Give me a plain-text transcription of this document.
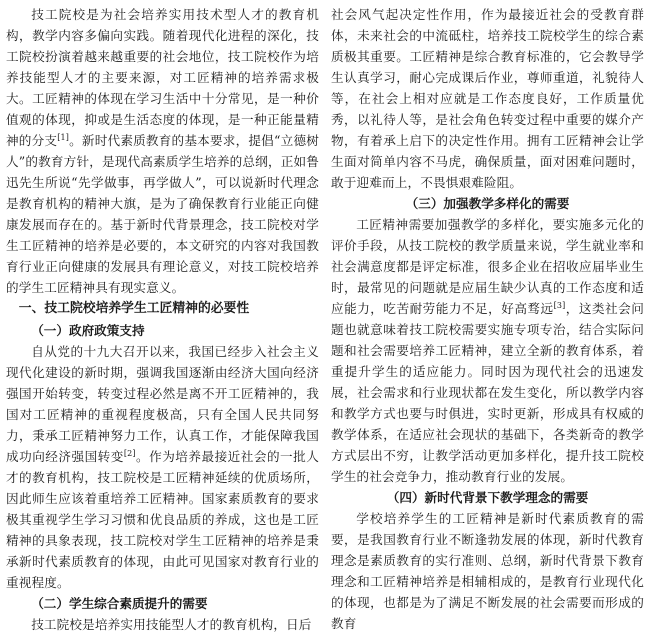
技工院校是为社会培养实用技术型人才的教育机构，教学内容多偏向实践。随着现代化进程的深化，技工院校扮演着越来越重要的社会地位，技工院校作为培养技能型人才的主要来源，对工匠精神的培养需求极大。工匠精神的体现在学习生活中十分常见，是一种价值观的体现，抑或是生活态度的体现，是一种正能量精神的分支[1]。新时代素质教育的基本要求，提倡“立德树人”的教育方针，是现代高素质学生培养的总纲，正如鲁迅先生所说“先学做事，再学做人”，可以说新时代理念是教育机构的精神大旗，是为了确保教育行业能正向健康发展而存在的。基于新时代背景理念，技工院校对学生工匠精神的培养是必要的，本文研究的内容对我国教育行业正向健康的发展具有理论意义，对技工院校培养的学生工匠精神具有现实意义。

一、技工院校培养学生工匠精神的必要性
（一）政府政策支持

自从党的十九大召开以来，我国已经步入社会主义现代化建设的新时期，强调我国逐渐由经济大国向经济强国开始转变，转变过程必然是离不开工匠精神的，我国对工匠精神的重视程度极高，只有全国人民共同努力，秉承工匠精神努力工作，认真工作，才能保障我国成功向经济强国转变[2]。作为培养最接近社会的一批人才的教育机构，技工院校是工匠精神延续的优质场所，因此师生应该着重培养工匠精神。国家素质教育的要求极其重视学生学习习惯和优良品质的养成，这也是工匠精神的具象表现，技工院校对学生工匠精神的培养是秉承新时代素质教育的体现，由此可见国家对教育行业的重视程度。

（二）学生综合素质提升的需要

技工院校是培养实用技能型人才的教育机构，日后

社会风气起决定性作用，作为最接近社会的受教育群体，未来社会的中流砥柱，培养技工院校学生的综合素质极其重要。工匠精神是综合教育标准的，它会教导学生认真学习，耐心完成课后作业，尊师重道，礼貌待人等，在社会上相对应就是工作态度良好，工作质量优秀，以礼待人等，是社会角色转变过程中重要的媒介产物，有着承上启下的决定性作用。拥有工匠精神会让学生面对简单内容不马虎，确保质量，面对困难问题时，敢于迎难而上，不畏惧艰难险阻。

（三）加强教学多样化的需要

工匠精神需要加强教学的多样化，要实施多元化的评价手段，从技工院校的教学质量来说，学生就业率和社会满意度都是评定标准，很多企业在招收应届毕业生时，最常见的问题就是应届生缺少认真的工作态度和适应能力，吃苦耐劳能力不足，好高骛远[3]，这类社会问题也就意味着技工院校需要实施专项专治，结合实际问题和社会需要培养工匠精神，建立全新的教育体系，着重提升学生的适应能力。同时因为现代社会的迅速发展，社会需求和行业现状都在发生变化，所以教学内容和教学方式也要与时俱进，实时更新，形成具有权威的教学体系，在适应社会现状的基础下，各类新奇的教学方式层出不穷，让教学活动更加多样化，提升技工院校学生的社会竞争力，推动教育行业的发展。

（四）新时代背景下教学理念的需要

学校培养学生的工匠精神是新时代素质教育的需要，是我国教育行业不断逢勃发展的体现，新时代教育理念是素质教育的实行准则、总纲，新时代背景下教育理念和工匠精神培养是相辅相成的，是教育行业现代化的体现，也都是为了满足不断发展的社会需要而形成的教育
